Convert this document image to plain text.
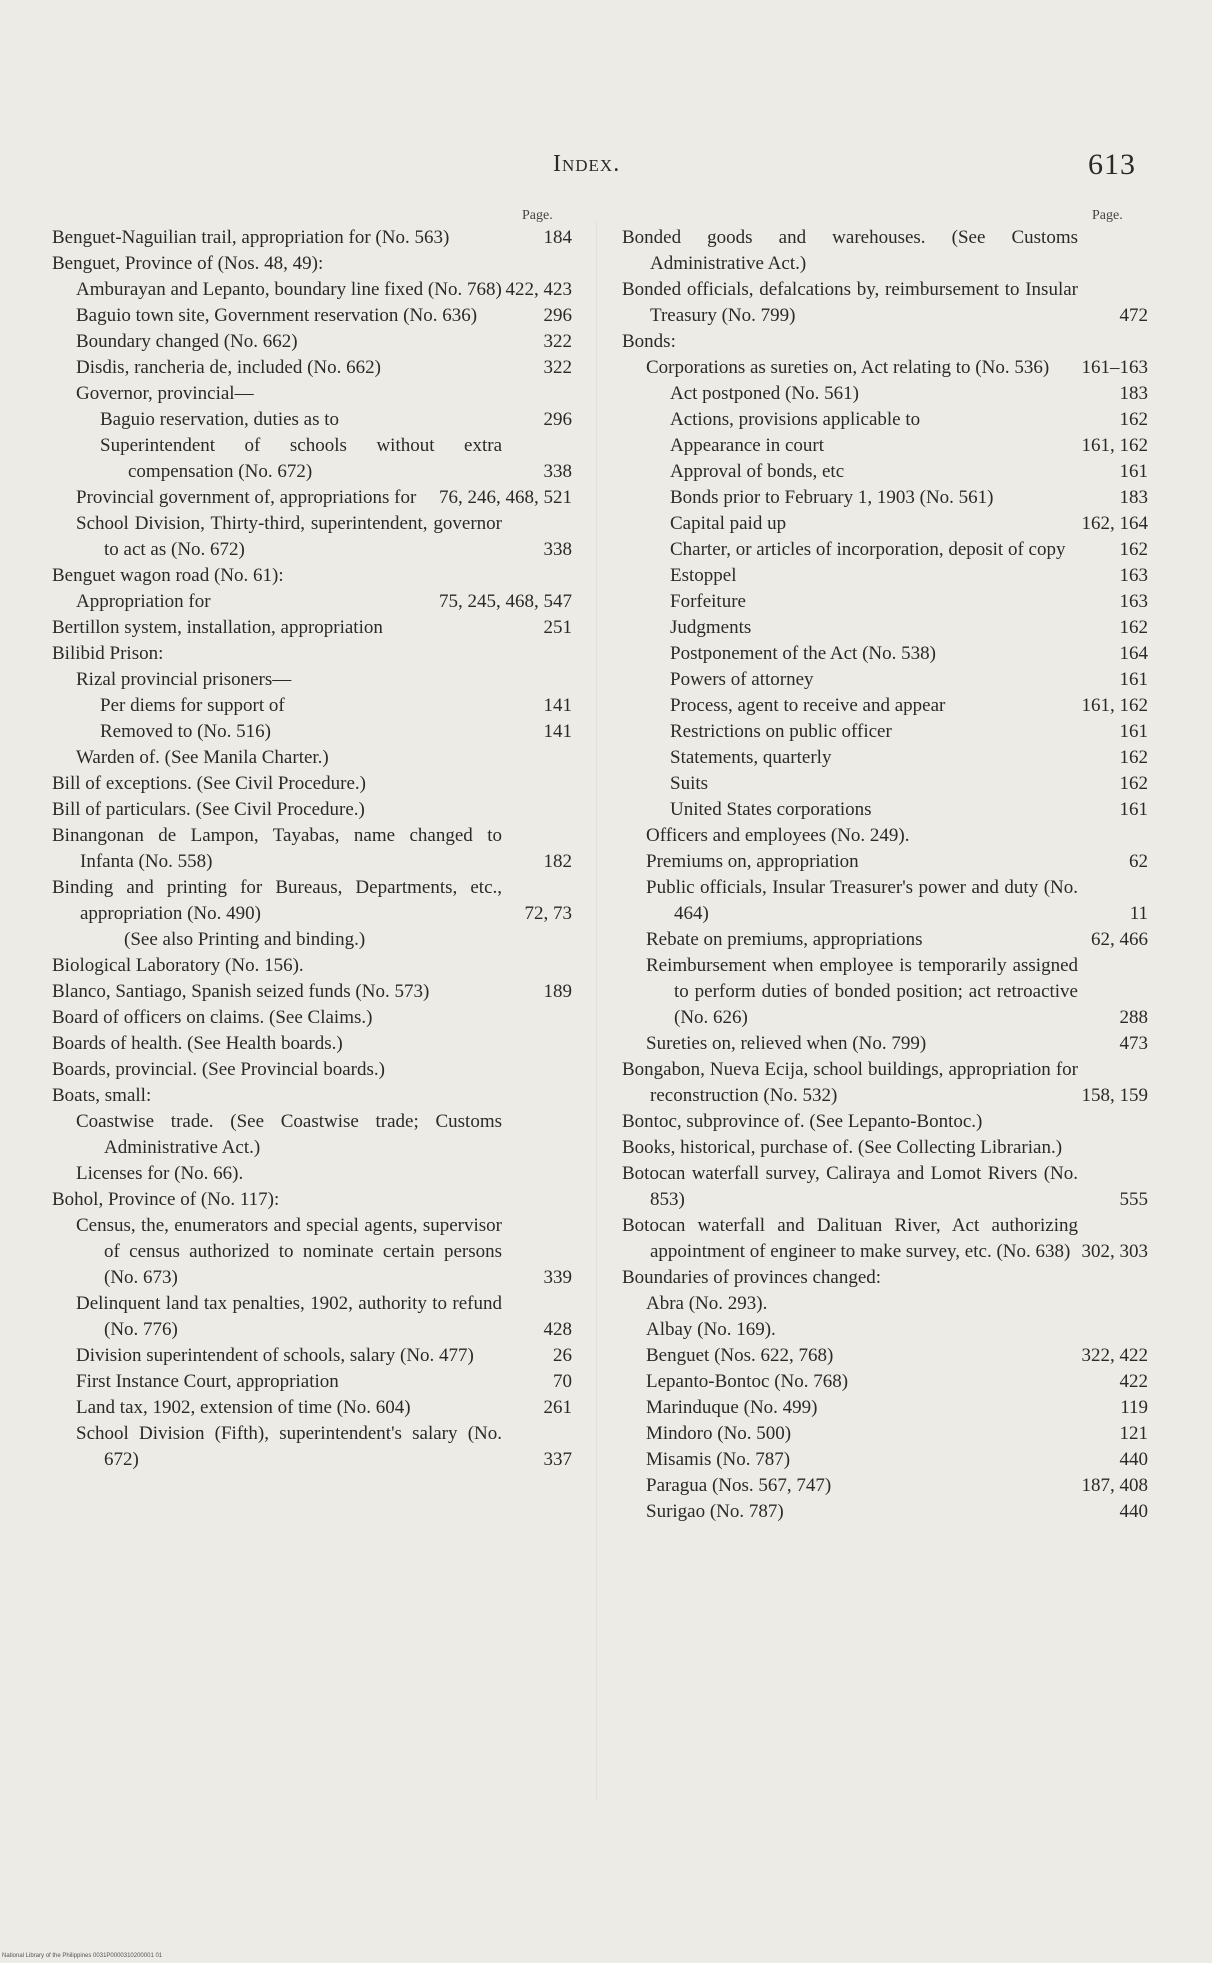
Index.	613
Page.	Page.
Benguet-Naguilian trail, appropriation for (No. 563)	184
Benguet, Province of (Nos. 48, 49):
Amburayan and Lepanto, boundary line fixed (No. 768) 422, 423
Baguio town site, Government reservation (No. 636)	296
Boundary changed (No. 662)	322
Disdis, rancheria de, included (No. 662)	322
Governor, provincial—
Baguio reservation, duties as to	296
Superintendent of schools without extra compensation (No. 672)	338
Provincial government of, appropriations for	76, 246, 468, 521
School Division, Thirty-third, superintendent, governor to act as (No. 672)	338
Benguet wagon road (No. 61):
Appropriation for	75, 245, 468, 547
Bertillon system, installation, appropriation	251
Bilibid Prison:
Rizal provincial prisoners—
Per diems for support of	141
Removed to (No. 516)	141
Warden of. (See Manila Charter.)
Bill of exceptions. (See Civil Procedure.)
Bill of particulars. (See Civil Procedure.)
Binangonan de Lampon, Tayabas, name changed to Infanta (No. 558)	182
Binding and printing for Bureaus, Departments, etc., appropriation (No. 490)	72, 73
(See also Printing and binding.)
Biological Laboratory (No. 156).
Blanco, Santiago, Spanish seized funds (No. 573)	189
Board of officers on claims. (See Claims.)
Boards of health. (See Health boards.)
Boards, provincial. (See Provincial boards.)
Boats, small:
Coastwise trade. (See Coastwise trade; Customs Administrative Act.)
Licenses for (No. 66).
Bohol, Province of (No. 117):
Census, the, enumerators and special agents, supervisor of census authorized to nominate certain persons (No. 673)	339
Delinquent land tax penalties, 1902, authority to refund (No. 776)	428
Division superintendent of schools, salary (No. 477)	26
First Instance Court, appropriation	70
Land tax, 1902, extension of time (No. 604)	261
School Division (Fifth), superintendent's salary (No. 672)	337
Bonded goods and warehouses. (See Customs Administrative Act.)
Bonded officials, defalcations by, reimbursement to Insular Treasury (No. 799)	472
Bonds:
Corporations as sureties on, Act relating to (No. 536)	161–163
Act postponed (No. 561)	183
Actions, provisions applicable to	162
Appearance in court	161, 162
Approval of bonds, etc	161
Bonds prior to February 1, 1903 (No. 561)	183
Capital paid up	162, 164
Charter, or articles of incorporation, deposit of copy	162
Estoppel	163
Forfeiture	163
Judgments	162
Postponement of the Act (No. 538)	164
Powers of attorney	161
Process, agent to receive and appear	161, 162
Restrictions on public officer	161
Statements, quarterly	162
Suits	162
United States corporations	161
Officers and employees (No. 249).
Premiums on, appropriation	62
Public officials, Insular Treasurer's power and duty (No. 464)	11
Rebate on premiums, appropriations	62, 466
Reimbursement when employee is temporarily assigned to perform duties of bonded position; act retroactive (No. 626)	288
Sureties on, relieved when (No. 799)	473
Bongabon, Nueva Ecija, school buildings, appropriation for reconstruction (No. 532)	158, 159
Bontoc, subprovince of. (See Lepanto-Bontoc.)
Books, historical, purchase of. (See Collecting Librarian.)
Botocan waterfall survey, Caliraya and Lomot Rivers (No. 853)	555
Botocan waterfall and Dalituan River, Act authorizing appointment of engineer to make survey, etc. (No. 638) 302, 303
Boundaries of provinces changed:
Abra (No. 293).
Albay (No. 169).
Benguet (Nos. 622, 768)	322, 422
Lepanto-Bontoc (No. 768)	422
Marinduque (No. 499)	119
Mindoro (No. 500)	121
Misamis (No. 787)	440
Paragua (Nos. 567, 747)	187, 408
Surigao (No. 787)	440
National Library of the Philippines 0031P0000310200001 01
